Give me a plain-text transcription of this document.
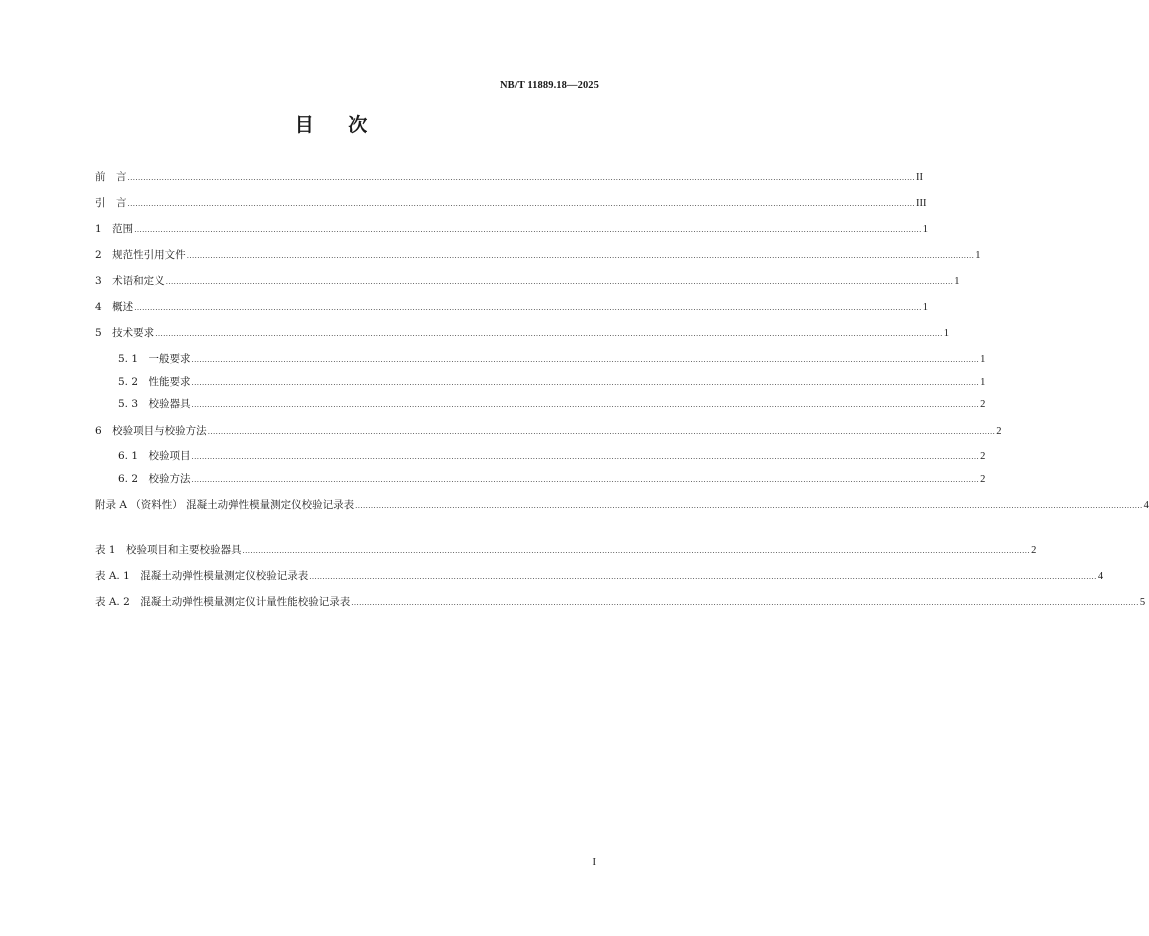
NB/T 11889.18—2025
目 次
前　言 ............................................................................................................................................................................................................................................................................................................ II
引　言 ............................................................................................................................................................................................................................................................................................................ III
1　范围 ............................................................................................................................................................................................................................................................................................................ 1
2　规范性引用文件 ............................................................................................................................................................................................................................................................................................................ 1
3　术语和定义 ............................................................................................................................................................................................................................................................................................................ 1
4　概述 ............................................................................................................................................................................................................................................................................................................ 1
5　技术要求 ............................................................................................................................................................................................................................................................................................................ 1
5. 1　一般要求 ............................................................................................................................................................................................................................................................................................................ 1
5. 2　性能要求 ............................................................................................................................................................................................................................................................................................................ 1
5. 3　校验器具 ............................................................................................................................................................................................................................................................................................................ 2
6　校验项目与校验方法 ............................................................................................................................................................................................................................................................................................................ 2
6. 1　校验项目 ............................................................................................................................................................................................................................................................................................................ 2
6. 2　校验方法 ............................................................................................................................................................................................................................................................................................................ 2
附录 A （资料性） 混凝土动弹性模量测定仪校验记录表 ............................................................................................................................................................................................................................................................................................................ 4
表 1　校验项目和主要校验器具 ............................................................................................................................................................................................................................................................................................................ 2
表 A. 1　混凝土动弹性模量测定仪校验记录表 ............................................................................................................................................................................................................................................................................................................ 4
表 A. 2　混凝土动弹性模量测定仪计量性能校验记录表 ............................................................................................................................................................................................................................................................................................................ 5
I
